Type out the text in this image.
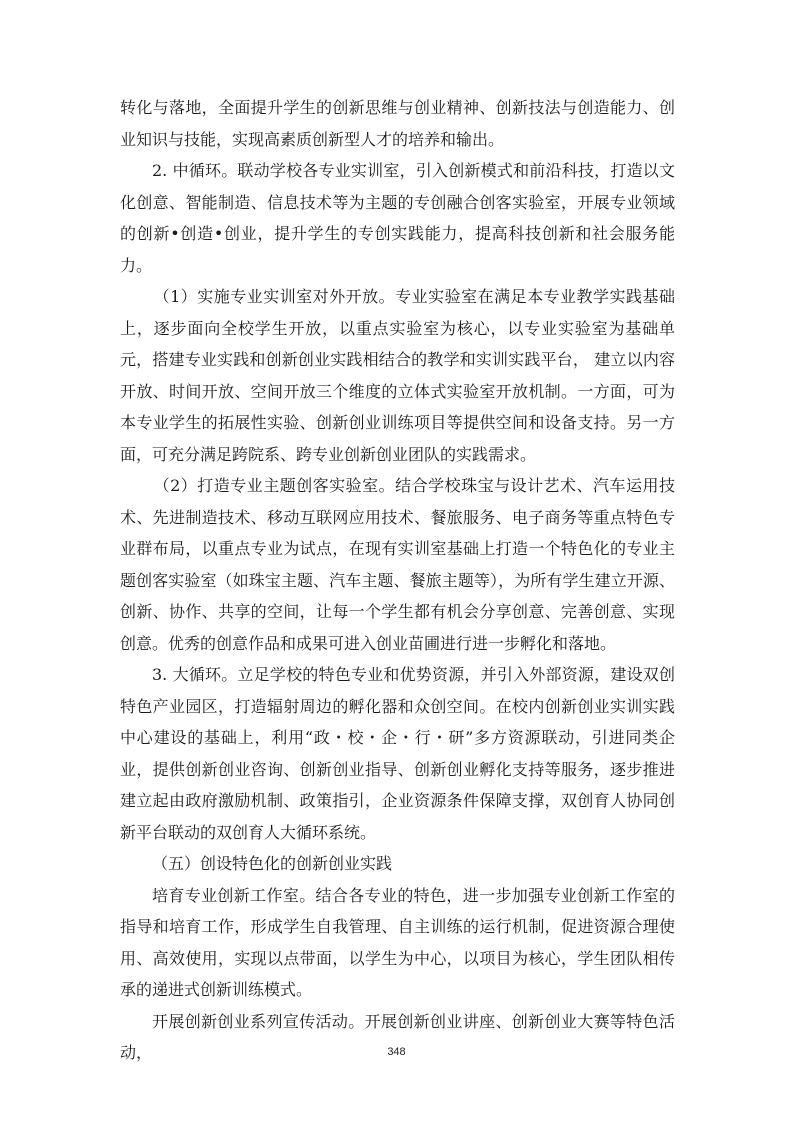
转化与落地，全面提升学生的创新思维与创业精神、创新技法与创造能力、创业知识与技能，实现高素质创新型人才的培养和输出。

2. 中循环。联动学校各专业实训室，引入创新模式和前沿科技，打造以文化创意、智能制造、信息技术等为主题的专创融合创客实验室，开展专业领域的创新•创造•创业，提升学生的专创实践能力，提高科技创新和社会服务能力。

（1）实施专业实训室对外开放。专业实验室在满足本专业教学实践基础上，逐步面向全校学生开放，以重点实验室为核心，以专业实验室为基础单元，搭建专业实践和创新创业实践相结合的教学和实训实践平台， 建立以内容开放、时间开放、空间开放三个维度的立体式实验室开放机制。一方面，可为本专业学生的拓展性实验、创新创业训练项目等提供空间和设备支持。另一方面，可充分满足跨院系、跨专业创新创业团队的实践需求。

（2）打造专业主题创客实验室。结合学校珠宝与设计艺术、汽车运用技术、先进制造技术、移动互联网应用技术、餐旅服务、电子商务等重点特色专业群布局，以重点专业为试点，在现有实训室基础上打造一个特色化的专业主题创客实验室（如珠宝主题、汽车主题、餐旅主题等），为所有学生建立开源、创新、协作、共享的空间，让每一个学生都有机会分享创意、完善创意、实现创意。优秀的创意作品和成果可进入创业苗圃进行进一步孵化和落地。

3. 大循环。立足学校的特色专业和优势资源，并引入外部资源，建设双创特色产业园区，打造辐射周边的孵化器和众创空间。在校内创新创业实训实践中心建设的基础上，利用“政・校・企・行・研”多方资源联动，引进同类企业，提供创新创业咨询、创新创业指导、创新创业孵化支持等服务，逐步推进建立起由政府激励机制、政策指引，企业资源条件保障支撑，双创育人协同创新平台联动的双创育人大循环系统。

（五）创设特色化的创新创业实践

培育专业创新工作室。结合各专业的特色，进一步加强专业创新工作室的指导和培育工作，形成学生自我管理、自主训练的运行机制，促进资源合理使用、高效使用，实现以点带面，以学生为中心，以项目为核心，学生团队相传承的递进式创新训练模式。

开展创新创业系列宣传活动。开展创新创业讲座、创新创业大赛等特色活动，	348
